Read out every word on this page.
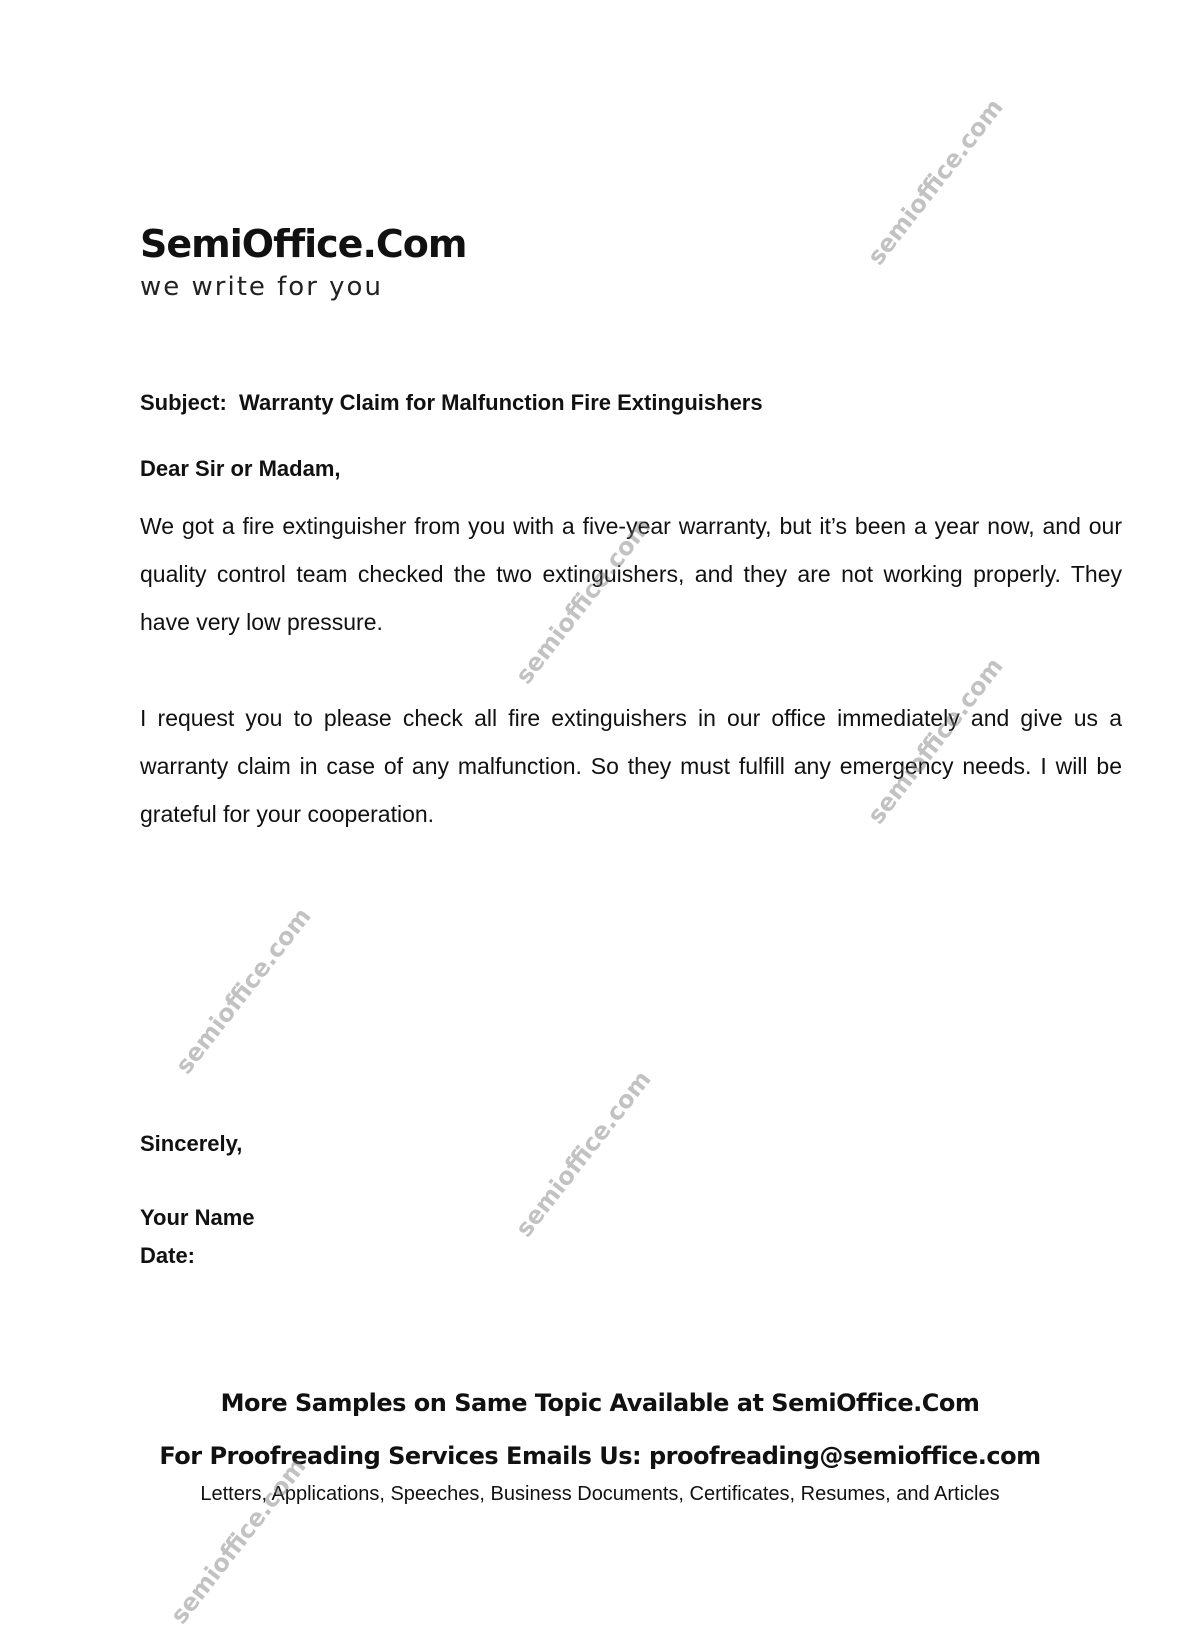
SemiOffice.Com
we write for you
Subject:  Warranty Claim for Malfunction Fire Extinguishers
Dear Sir or Madam,

We got a fire extinguisher from you with a five-year warranty, but it’s been a year now, and our quality control team checked the two extinguishers, and they are not working properly. They have very low pressure.

I request you to please check all fire extinguishers in our office immediately and give us a warranty claim in case of any malfunction. So they must fulfill any emergency needs. I will be grateful for your cooperation.

Sincerely,
Your Name
Date:
More Samples on Same Topic Available at SemiOffice.Com
For Proofreading Services Emails Us: proofreading@semioffice.com
Letters, Applications, Speeches, Business Documents, Certificates, Resumes, and Articles
semioffice.com
semioffice.com
semioffice.com
semioffice.com
semioffice.com
semioffice.com
